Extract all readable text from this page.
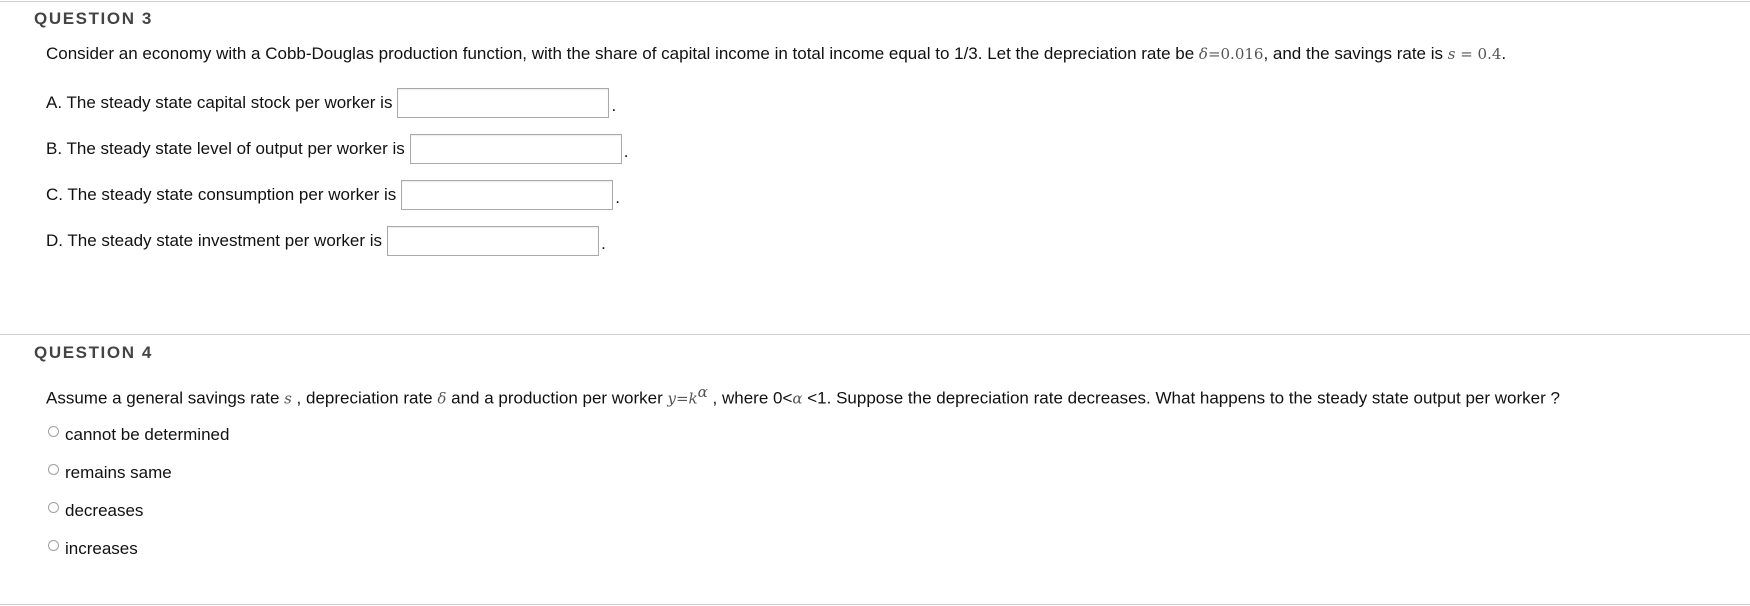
QUESTION 3
Consider an economy with a Cobb-Douglas production function, with the share of capital income in total income equal to 1/3. Let the depreciation rate be δ=0.016, and the savings rate is s = 0.4.
A. The steady state capital stock per worker is	.
B. The steady state level of output per worker is	.
C. The steady state consumption per worker is	.
D. The steady state investment per worker is	.
QUESTION 4
Assume a general savings rate s , depreciation rate δ and a production per worker $y=k^\alpha$ , where 0<α <1. Suppose the depreciation rate decreases. What happens to the steady state output per worker ?
cannot be determined
remains same
decreases
increases
